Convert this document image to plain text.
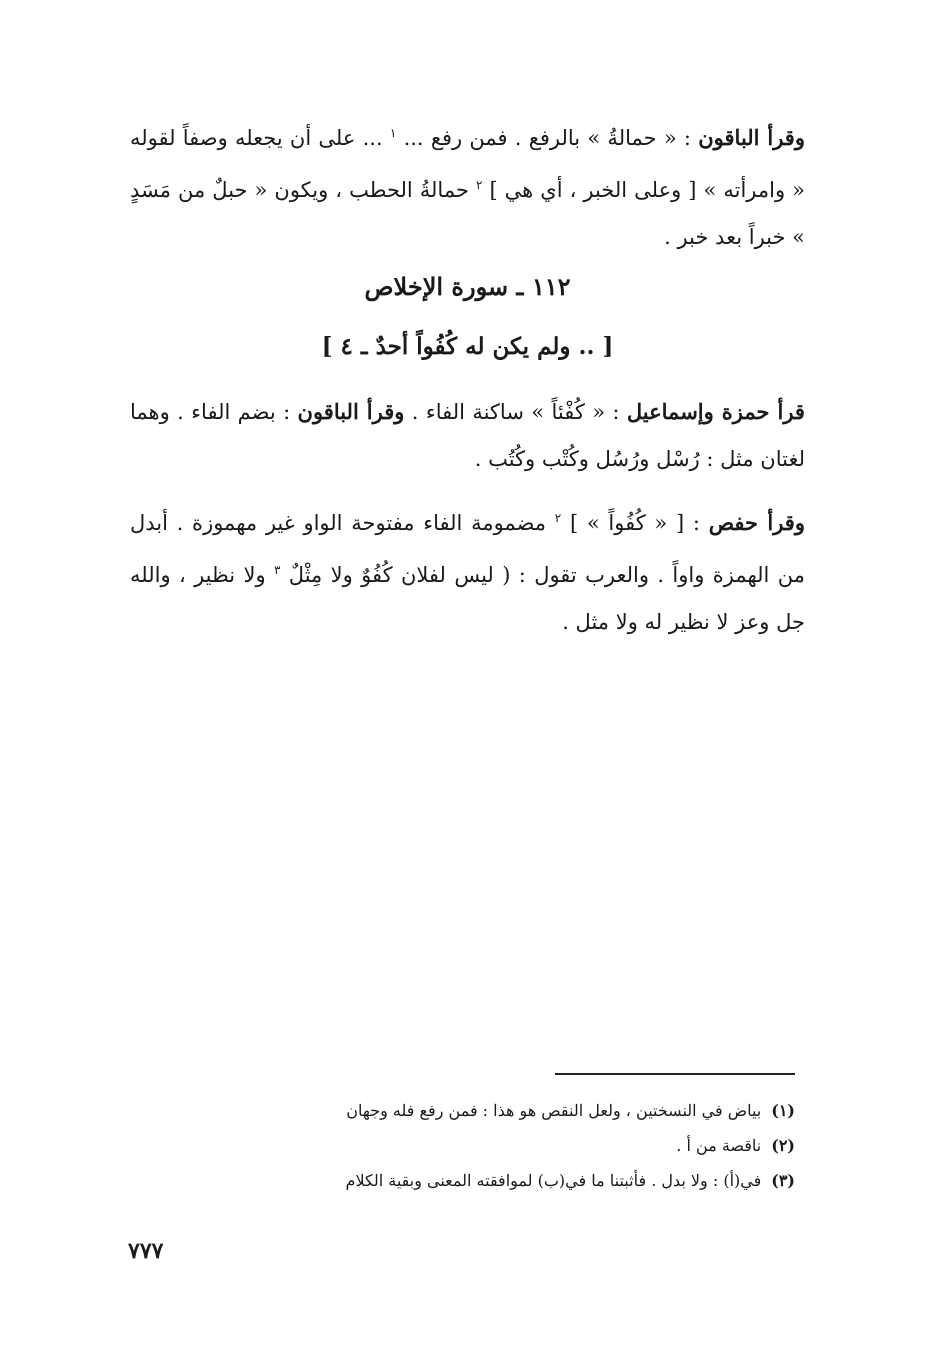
وقرأ الباقون : « حمالةُ » بالرفع . فمن رفع ... $^١$ ... على أن يجعله وصفاً لقوله « وامرأته » [ وعلى الخبر ، أي هي ] $^٢$ حمالةُ الحطب ، ويكون « حبلٌ من مَسَدٍ » خبراً بعد خبر .

١١٢ ـ سورة الإخلاص
[ .. ولم يكن له كُفُواً أحدٌ ـ ٤ ]

قرأ حمزة وإسماعيل : « كُفْئاً » ساكنة الفاء . وقرأ الباقون : بضم الفاء . وهما لغتان مثل : رُسْل ورُسُل وكُتْب وكُتُب .

وقرأ حفص : [ « كُفُواً » ] $^٢$ مضمومة الفاء مفتوحة الواو غير مهموزة . أبدل من الهمزة واواً . والعرب تقول : ( ليس لفلان كُفُوٌ ولا مِثْلٌ $^٣$ ولا نظير ، والله جل وعز لا نظير له ولا مثل .

(١)بياض في النسختين ، ولعل النقص هو هذا : فمن رفع فله وجهان

(٢)ناقصة من أ .

(٣)في(أ) : ولا بدل . فأثبتنا ما في(ب) لموافقته المعنى وبقية الكلام

٧٧٧
